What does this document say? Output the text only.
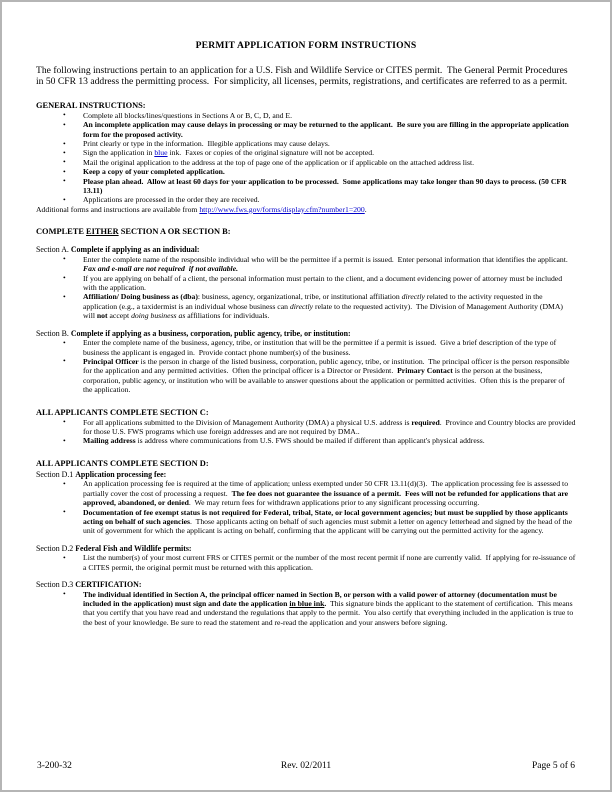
PERMIT APPLICATION FORM INSTRUCTIONS
The following instructions pertain to an application for a U.S. Fish and Wildlife Service or CITES permit.  The General Permit Procedures in 50 CFR 13 address the permitting process.  For simplicity, all licenses, permits, registrations, and certificates are referred to as a permit.
GENERAL INSTRUCTIONS:
• Complete all blocks/lines/questions in Sections A or B, C, D, and E.
• An incomplete application may cause delays in processing or may be returned to the applicant.  Be sure you are filling in the appropriate application form for the proposed activity.
• Print clearly or type in the information.  Illegible applications may cause delays.
• Sign the application in blue ink.  Faxes or copies of the original signature will not be accepted.
• Mail the original application to the address at the top of page one of the application or if applicable on the attached address list.
• Keep a copy of your completed application.
• Please plan ahead.  Allow at least 60 days for your application to be processed.  Some applications may take longer than 90 days to process. (50 CFR 13.11)
• Applications are processed in the order they are received.
Additional forms and instructions are available from http://www.fws.gov/forms/display.cfm?number1=200.
COMPLETE EITHER SECTION A OR SECTION B:
Section A. Complete if applying as an individual:
• Enter the complete name of the responsible individual who will be the permittee if a permit is issued.  Enter personal information that identifies the applicant.  Fax and e-mail are not required  if not available.
• If you are applying on behalf of a client, the personal information must pertain to the client, and a document evidencing power of attorney must be included with the application.
• Affiliation/ Doing business as (dba): business, agency, organizational, tribe, or institutional affiliation directly related to the activity requested in the application (e.g., a taxidermist is an individual whose business can directly relate to the requested activity).  The Division of Management Authority (DMA) will not accept doing business as affiliations for individuals.
Section B. Complete if applying as a business, corporation, public agency, tribe, or institution:
• Enter the complete name of the business, agency, tribe, or institution that will be the permittee if a permit is issued.  Give a brief description of the type of business the applicant is engaged in.  Provide contact phone number(s) of the business.
• Principal Officer is the person in charge of the listed business, corporation, public agency, tribe, or institution.  The principal officer is the person responsible for the application and any permitted activities.  Often the principal officer is a Director or President.  Primary Contact is the person at the business, corporation, public agency, or institution who will be available to answer questions about the application or permitted activities.  Often this is the preparer of the application.
ALL APPLICANTS COMPLETE SECTION C:
• For all applications submitted to the Division of Management Authority (DMA) a physical U.S. address is required.  Province and Country blocks are provided for those U.S. FWS programs which use foreign addresses and are not required by DMA..
• Mailing address is address where communications from U.S. FWS should be mailed if different than applicant's physical address.
ALL APPLICANTS COMPLETE SECTION D:
Section D.1 Application processing fee:
• An application processing fee is required at the time of application; unless exempted under 50 CFR 13.11(d)(3).  The application processing fee is assessed to partially cover the cost of processing a request.  The fee does not guarantee the issuance of a permit.  Fees will not be refunded for applications that are approved, abandoned, or denied.  We may return fees for withdrawn applications prior to any significant processing occurring.
• Documentation of fee exempt status is not required for Federal, tribal, State, or local government agencies; but must be supplied by those applicants acting on behalf of such agencies.  Those applicants acting on behalf of such agencies must submit a letter on agency letterhead and signed by the head of the unit of government for which the applicant is acting on behalf, confirming that the applicant will be carrying out the permitted activity for the agency.
Section D.2 Federal Fish and Wildlife permits:
• List the number(s) of your most current FRS or CITES permit or the number of the most recent permit if none are currently valid.  If applying for re-issuance of a CITES permit, the original permit must be returned with this application.
Section D.3 CERTIFICATION:
• The individual identified in Section A, the principal officer named in Section B, or person with a valid power of attorney (documentation must be included in the application) must sign and date the application in blue ink.  This signature binds the applicant to the statement of certification.  This means that you certify that you have read and understand the regulations that apply to the permit.  You also certify that everything included in the application is true to the best of your knowledge. Be sure to read the statement and re-read the application and your answers before signing.
3-200-32	Rev. 02/2011	Page 5 of 6
